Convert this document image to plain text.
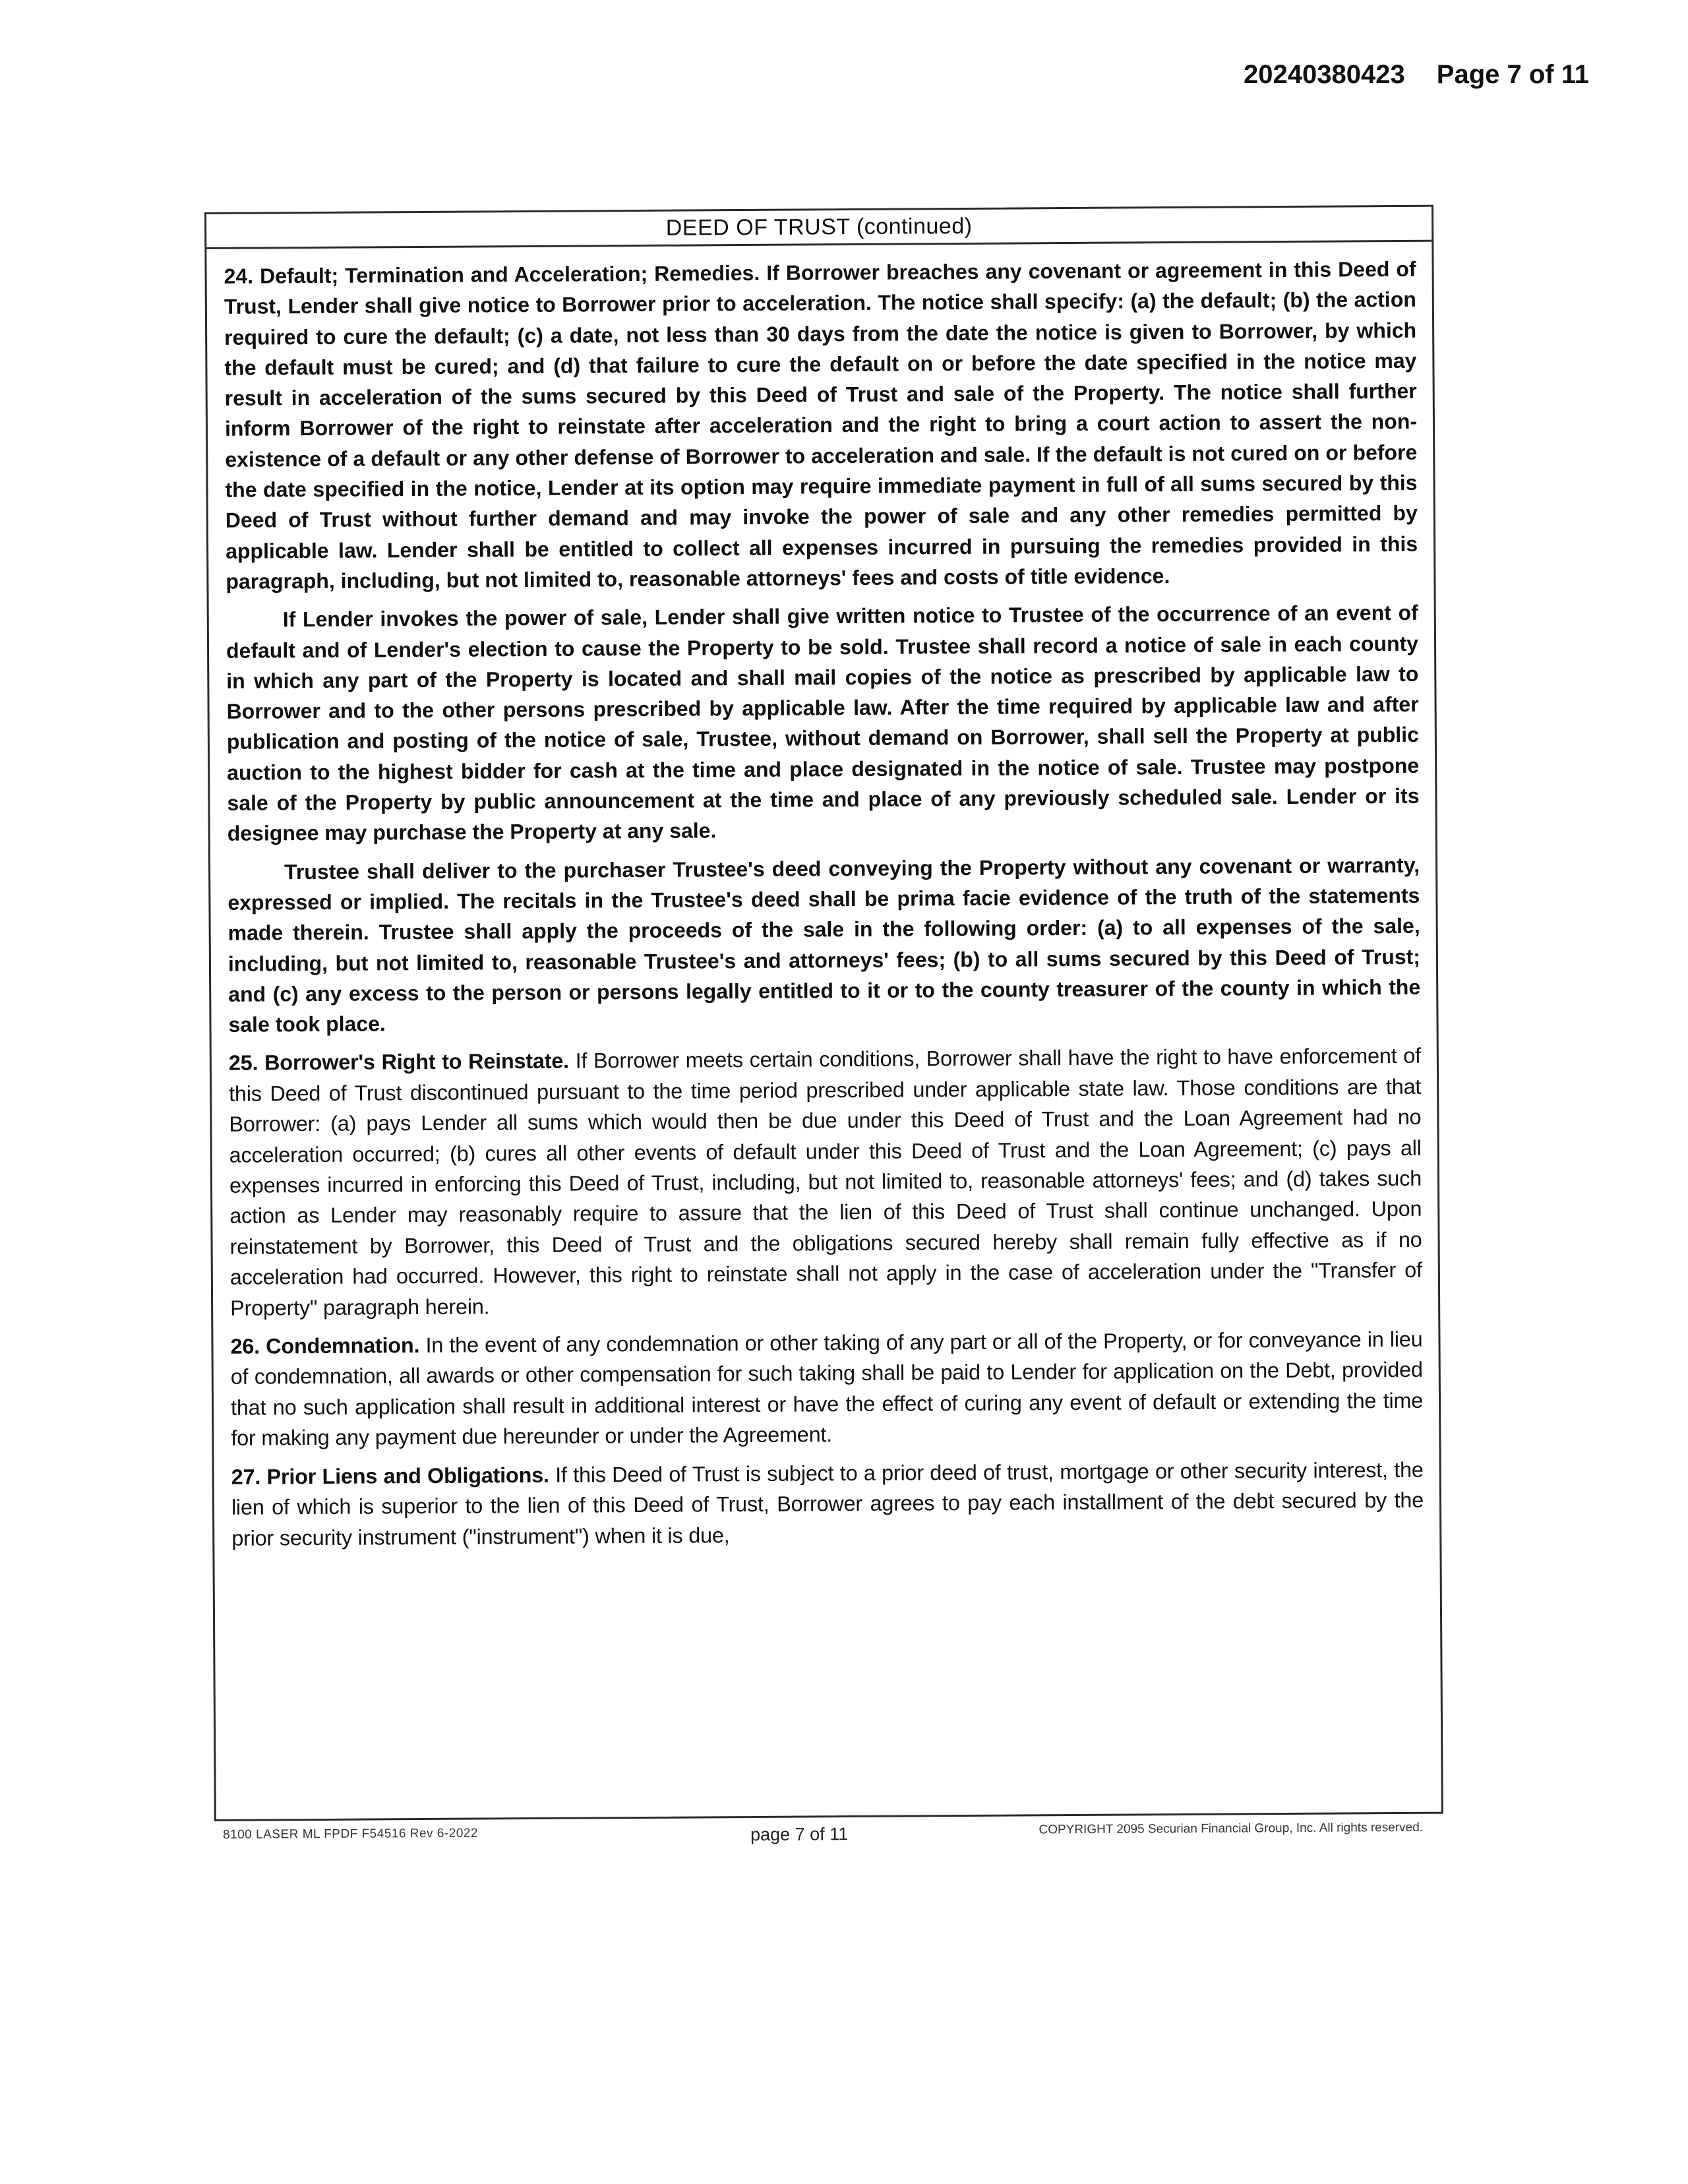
20240380423 Page 7 of 11

DEED OF TRUST (continued)

24. Default; Termination and Acceleration; Remedies. If Borrower breaches any covenant or agreement in this Deed of Trust, Lender shall give notice to Borrower prior to acceleration. The notice shall specify: (a) the default; (b) the action required to cure the default; (c) a date, not less than 30 days from the date the notice is given to Borrower, by which the default must be cured; and (d) that failure to cure the default on or before the date specified in the notice may result in acceleration of the sums secured by this Deed of Trust and sale of the Property. The notice shall further inform Borrower of the right to reinstate after acceleration and the right to bring a court action to assert the non-existence of a default or any other defense of Borrower to acceleration and sale. If the default is not cured on or before the date specified in the notice, Lender at its option may require immediate payment in full of all sums secured by this Deed of Trust without further demand and may invoke the power of sale and any other remedies permitted by applicable law. Lender shall be entitled to collect all expenses incurred in pursuing the remedies provided in this paragraph, including, but not limited to, reasonable attorneys' fees and costs of title evidence.

If Lender invokes the power of sale, Lender shall give written notice to Trustee of the occurrence of an event of default and of Lender's election to cause the Property to be sold. Trustee shall record a notice of sale in each county in which any part of the Property is located and shall mail copies of the notice as prescribed by applicable law to Borrower and to the other persons prescribed by applicable law. After the time required by applicable law and after publication and posting of the notice of sale, Trustee, without demand on Borrower, shall sell the Property at public auction to the highest bidder for cash at the time and place designated in the notice of sale. Trustee may postpone sale of the Property by public announcement at the time and place of any previously scheduled sale. Lender or its designee may purchase the Property at any sale.

Trustee shall deliver to the purchaser Trustee's deed conveying the Property without any covenant or warranty, expressed or implied. The recitals in the Trustee's deed shall be prima facie evidence of the truth of the statements made therein. Trustee shall apply the proceeds of the sale in the following order: (a) to all expenses of the sale, including, but not limited to, reasonable Trustee's and attorneys' fees; (b) to all sums secured by this Deed of Trust; and (c) any excess to the person or persons legally entitled to it or to the county treasurer of the county in which the sale took place.

25. Borrower's Right to Reinstate. If Borrower meets certain conditions, Borrower shall have the right to have enforcement of this Deed of Trust discontinued pursuant to the time period prescribed under applicable state law. Those conditions are that Borrower: (a) pays Lender all sums which would then be due under this Deed of Trust and the Loan Agreement had no acceleration occurred; (b) cures all other events of default under this Deed of Trust and the Loan Agreement; (c) pays all expenses incurred in enforcing this Deed of Trust, including, but not limited to, reasonable attorneys' fees; and (d) takes such action as Lender may reasonably require to assure that the lien of this Deed of Trust shall continue unchanged. Upon reinstatement by Borrower, this Deed of Trust and the obligations secured hereby shall remain fully effective as if no acceleration had occurred. However, this right to reinstate shall not apply in the case of acceleration under the "Transfer of Property" paragraph herein.

26. Condemnation. In the event of any condemnation or other taking of any part or all of the Property, or for conveyance in lieu of condemnation, all awards or other compensation for such taking shall be paid to Lender for application on the Debt, provided that no such application shall result in additional interest or have the effect of curing any event of default or extending the time for making any payment due hereunder or under the Agreement.

27. Prior Liens and Obligations. If this Deed of Trust is subject to a prior deed of trust, mortgage or other security interest, the lien of which is superior to the lien of this Deed of Trust, Borrower agrees to pay each installment of the debt secured by the prior security instrument ("instrument") when it is due,

8100 LASER ML FPDF F54516 Rev 6-2022	page 7 of 11	COPYRIGHT 2095 Securian Financial Group, Inc. All rights reserved.
